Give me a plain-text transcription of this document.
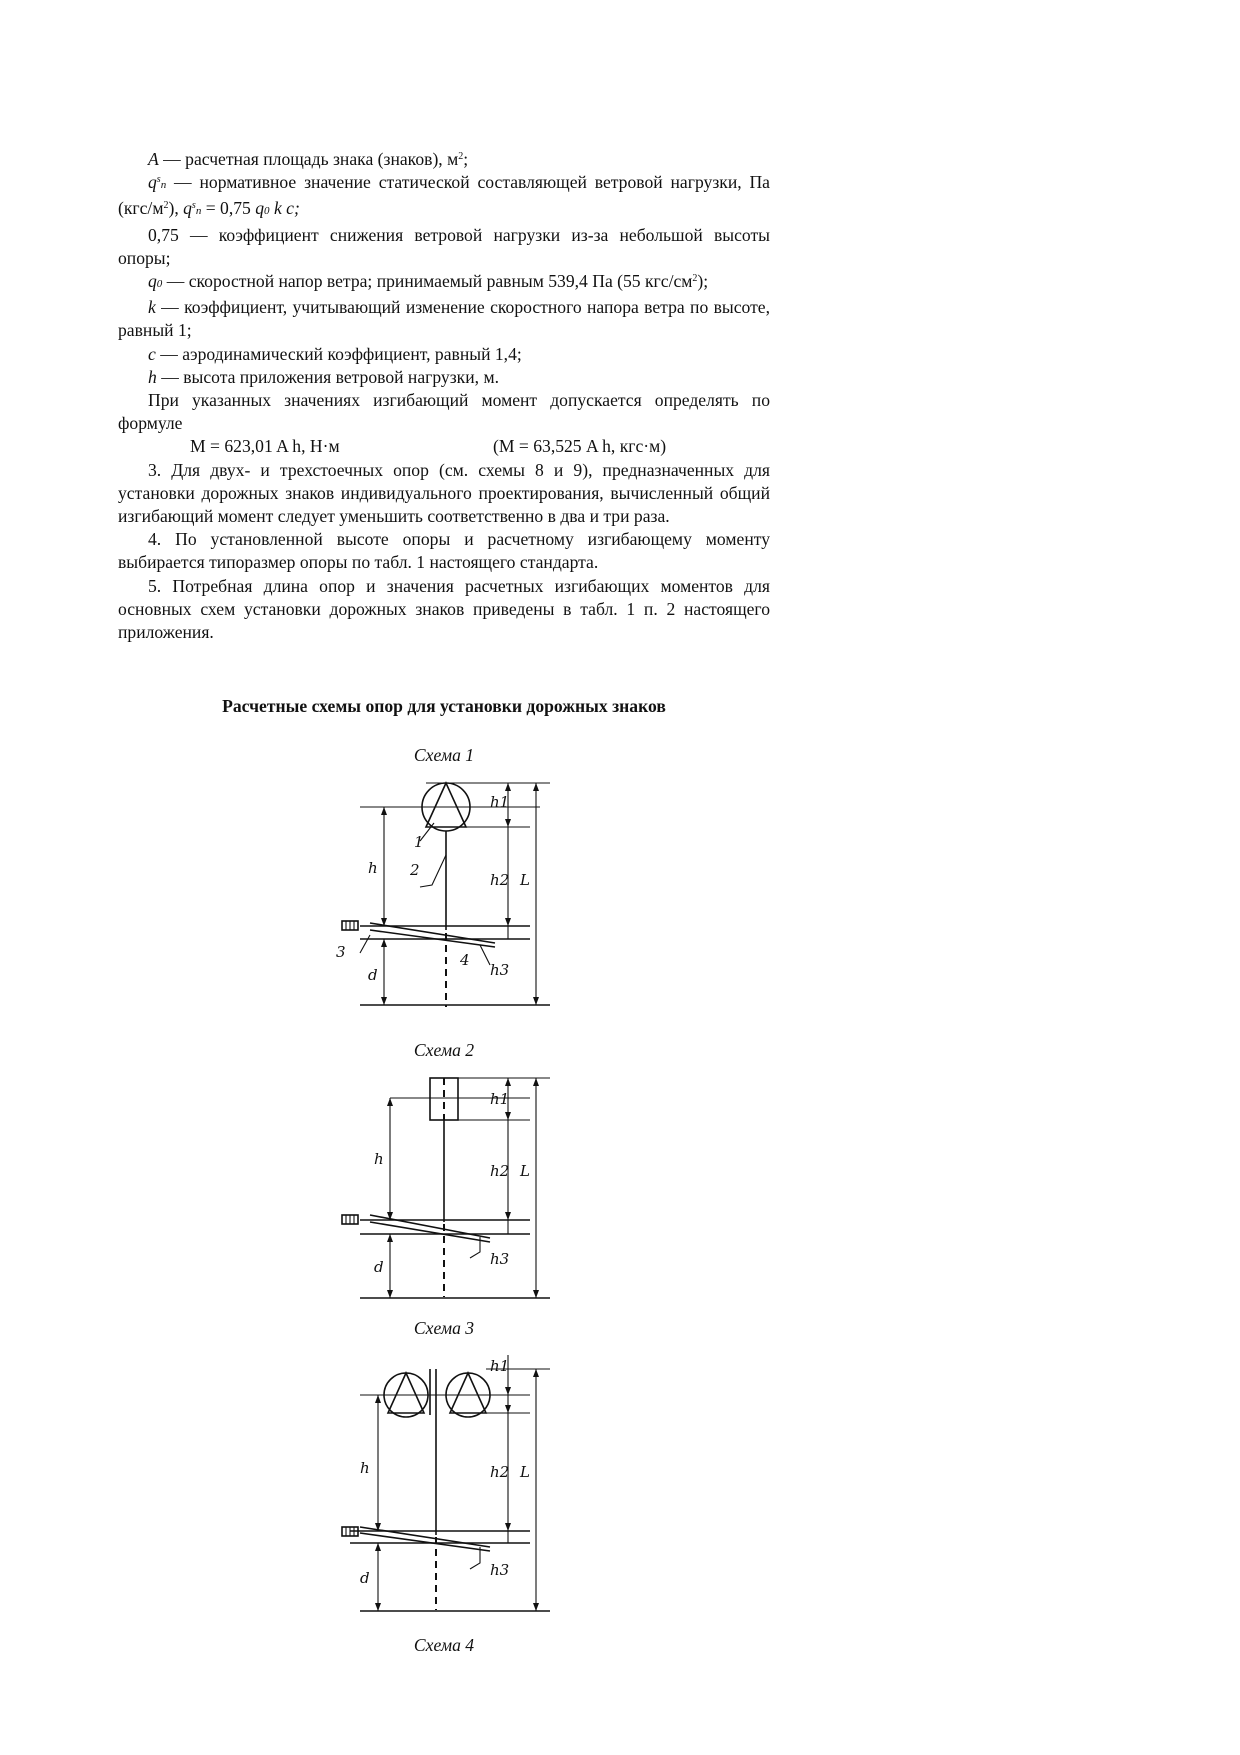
A — расчетная площадь знака (знаков), $м^2$;

$q^sn$ — нормативное значение статической составляющей ветровой нагрузки, Па $(кгс/м^2)$, $q^sn = 0,75$ q0 k c;

0,75 — коэффициент снижения ветровой нагрузки из-за небольшой высоты опоры;

q0 — скоростной напор ветра; принимаемый равным 539,4 Па (55 кгс/$см^2$);

k — коэффициент, учитывающий изменение скоростного напора ветра по высоте, равный 1;

c — аэродинамический коэффициент, равный 1,4;

h — высота приложения ветровой нагрузки, м.

При указанных значениях изгибающий момент допускается определять по формуле

M = 623,01 A h, Н·м	(М = 63,525 A h, кгс·м)

3. Для двух- и трехстоечных опор (см. схемы 8 и 9), предназначенных для установки дорожных знаков индивидуального проектирования, вычисленный общий изгибающий момент следует уменьшить соответственно в два и три раза.

4. По установленной высоте опоры и расчетному изгибающему моменту выбирается типоразмер опоры по табл. 1 настоящего стандарта.

5. Потребная длина опор и значения расчетных изгибающих моментов для основных схем установки дорожных знаков приведены в табл. 1 п. 2 настоящего приложения.

Расчетные схемы опор для установки дорожных знаков

Схема 1
Схема 2
Схема 3
Схема 4
h
d
h1
h2
h3
L
1
2
3	4
h
d
h1
h2
h3
L
h
d
h1
h2
h3
L
